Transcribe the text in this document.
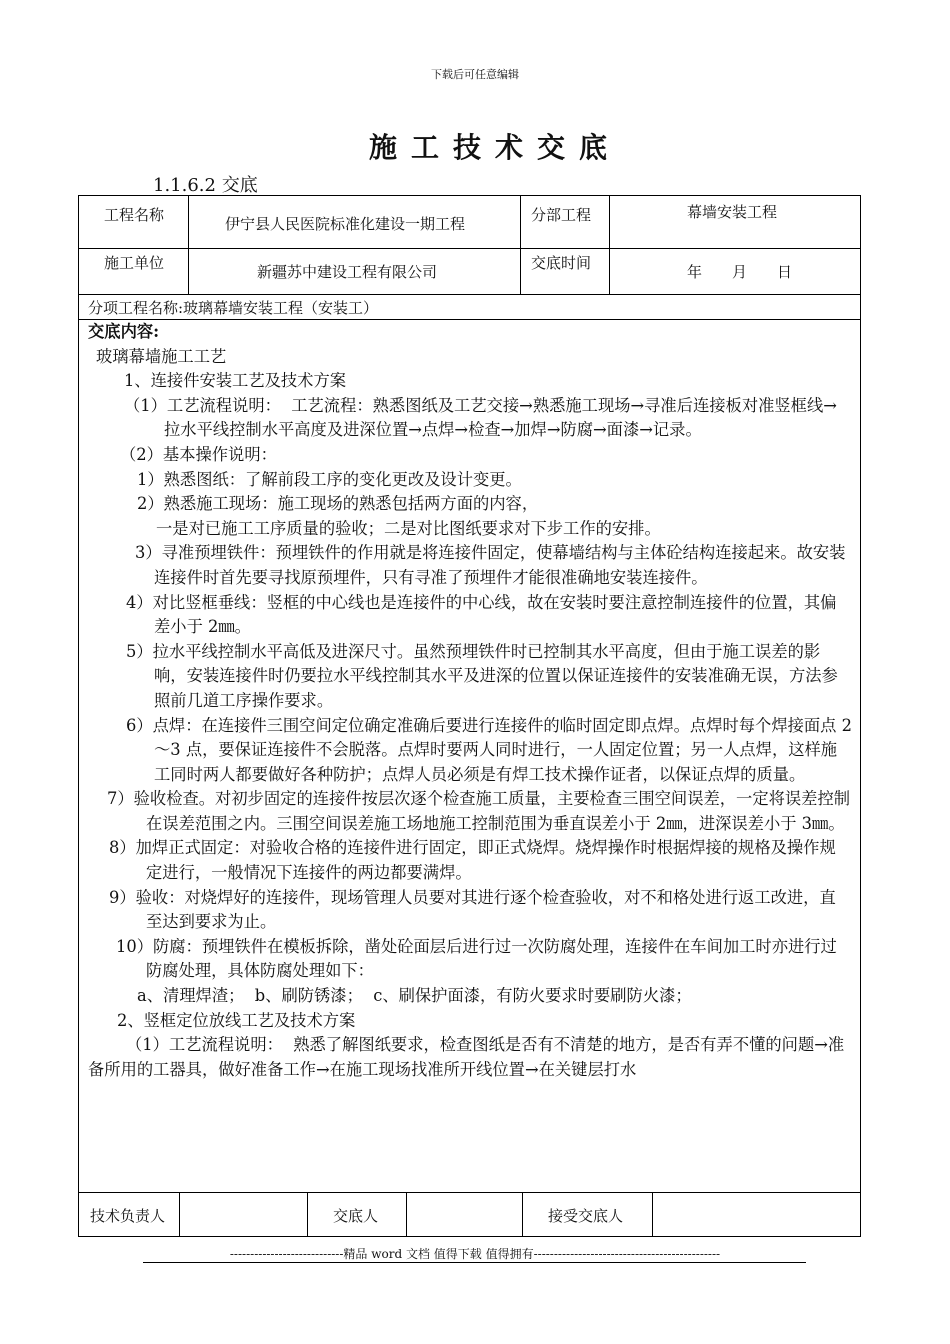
下载后可任意编辑
施工技术交底
1.1.6.2 交底
工程名称	伊宁县人民医院标准化建设一期工程	分部工程	幕墙安装工程
施工单位	新疆苏中建设工程有限公司	交底时间	年　　月　　日
分项工程名称:玻璃幕墙安装工程（安装工）

交底内容:

玻璃幕墙施工工艺

1、连接件安装工艺及技术方案

（1）工艺流程说明：  工艺流程：熟悉图纸及工艺交接→熟悉施工现场→寻准后连接板对准竖框线→拉水平线控制水平高度及进深位置→点焊→检查→加焊→防腐→面漆→记录。

（2）基本操作说明：

1）熟悉图纸：了解前段工序的变化更改及设计变更。

2）熟悉施工现场：施工现场的熟悉包括两方面的内容，

一是对已施工工序质量的验收；二是对比图纸要求对下步工作的安排。

3）寻准预埋铁件：预埋铁件的作用就是将连接件固定，使幕墙结构与主体砼结构连接起来。故安装连接件时首先要寻找原预埋件，只有寻准了预埋件才能很准确地安装连接件。

4）对比竖框垂线：竖框的中心线也是连接件的中心线，故在安装时要注意控制连接件的位置，其偏差小于 2㎜。

5）拉水平线控制水平高低及进深尺寸。虽然预埋铁件时已控制其水平高度，但由于施工误差的影响，安装连接件时仍要拉水平线控制其水平及进深的位置以保证连接件的安装准确无误，方法参照前几道工序操作要求。

6）点焊：在连接件三围空间定位确定准确后要进行连接件的临时固定即点焊。点焊时每个焊接面点 2～3 点，要保证连接件不会脱落。点焊时要两人同时进行，一人固定位置；另一人点焊，这样施工同时两人都要做好各种防护；点焊人员必须是有焊工技术操作证者，以保证点焊的质量。

7）验收检查。对初步固定的连接件按层次逐个检查施工质量，主要检查三围空间误差，一定将误差控制在误差范围之内。三围空间误差施工场地施工控制范围为垂直误差小于 2㎜，进深误差小于 3㎜。

8）加焊正式固定：对验收合格的连接件进行固定，即正式烧焊。烧焊操作时根据焊接的规格及操作规定进行，一般情况下连接件的两边都要满焊。

9）验收：对烧焊好的连接件，现场管理人员要对其进行逐个检查验收，对不和格处进行返工改进，直至达到要求为止。

10）防腐：预埋铁件在模板拆除，凿处砼面层后进行过一次防腐处理，连接件在车间加工时亦进行过防腐处理，具体防腐处理如下：

a、清理焊渣；  b、刷防锈漆；  c、刷保护面漆，有防火要求时要刷防火漆；

2、竖框定位放线工艺及技术方案

（1）工艺流程说明：  熟悉了解图纸要求，检查图纸是否有不清楚的地方，是否有弄不懂的问题→准备所用的工器具，做好准备工作→在施工现场找准所开线位置→在关键层打水

技术负责人	交底人	接受交底人
----------------------------精品 word 文档 值得下载 值得拥有----------------------------------------------
